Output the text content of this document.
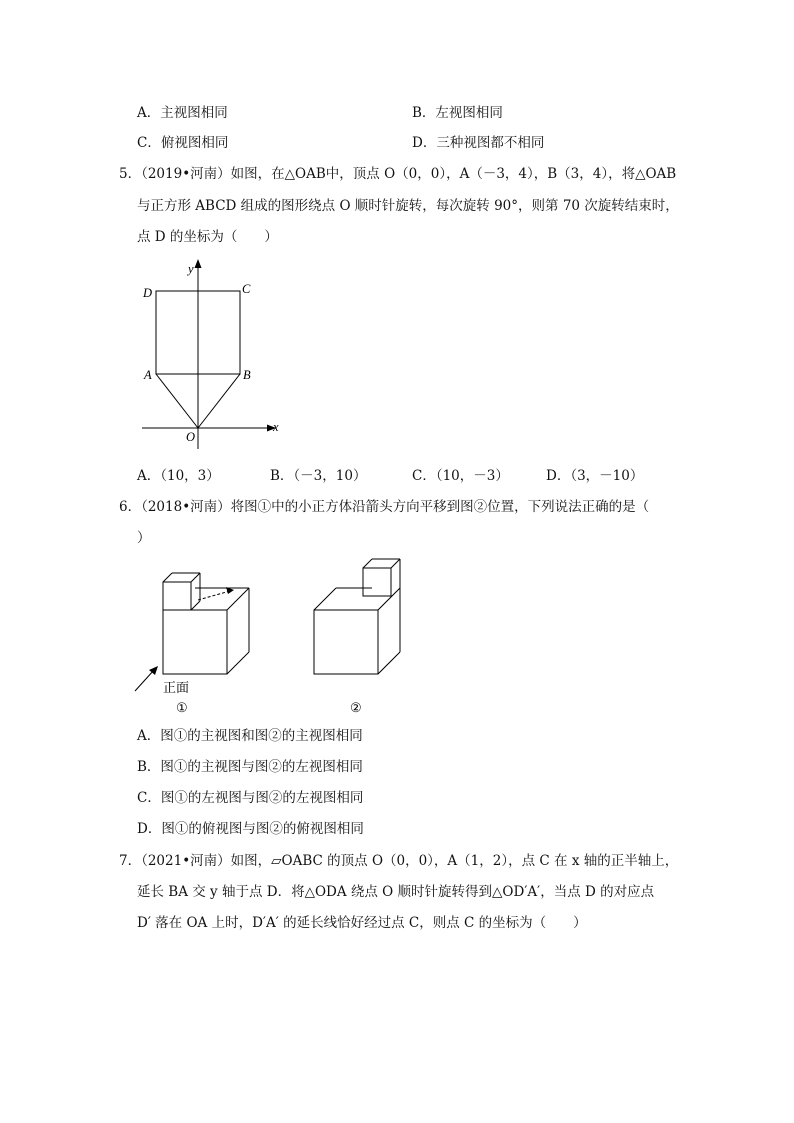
A．主视图相同	B．左视图相同
C．俯视图相同	D．三种视图都不相同
5．（2019•河南）如图，在△OAB中，顶点 O（0，0），A（－3，4），B（3，4），将△OAB
与正方形 ABCD 组成的图形绕点 O 顺时针旋转，每次旋转 90°，则第 70 次旋转结束时，
点 D 的坐标为（　　）
y
x
D	C
A	B
O
A．（10，3）	B．（－3，10）	C．（10，－3）	D．（3，－10）
6．（2018•河南）将图①中的小正方体沿箭头方向平移到图②位置，下列说法正确的是（
）
正面
①	②
A．图①的主视图和图②的主视图相同
B．图①的主视图与图②的左视图相同
C．图①的左视图与图②的左视图相同
D．图①的俯视图与图②的俯视图相同
7．（2021•河南）如图，▱OABC 的顶点 O（0，0），A（1，2），点 C 在 x 轴的正半轴上，
延长 BA 交 y 轴于点 D．将△ODA 绕点 O 顺时针旋转得到△OD′A′，当点 D 的对应点
D′ 落在 OA 上时，D′A′ 的延长线恰好经过点 C，则点 C 的坐标为（　　）
